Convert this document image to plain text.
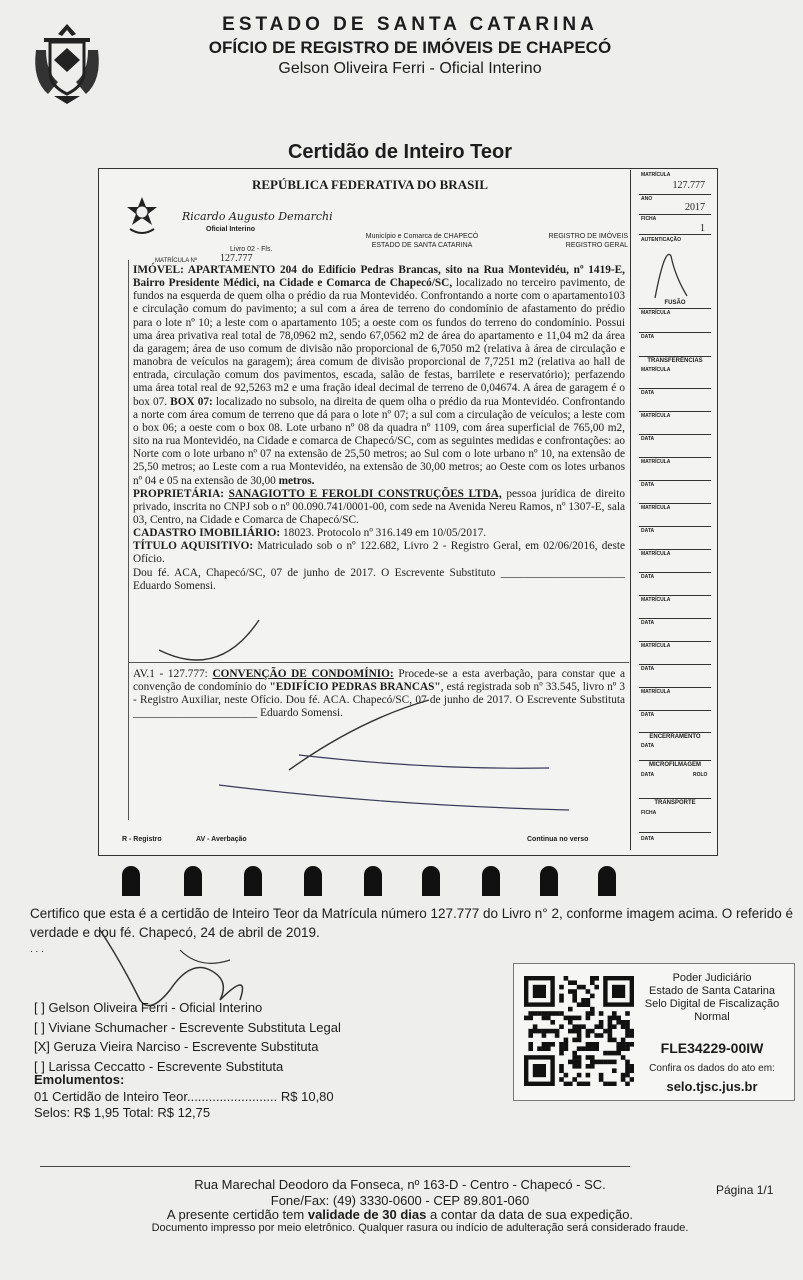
ESTADO DE SANTA CATARINA
OFÍCIO DE REGISTRO DE IMÓVEIS DE CHAPECÓ
Gelson Oliveira Ferri - Oficial Interino
Certidão de Inteiro Teor
REPÚBLICA FEDERATIVA DO BRASIL
Ricardo Augusto Demarchi
Oficial Interino
Município e Comarca de CHAPECÓ
ESTADO DE SANTA CATARINA
REGISTRO DE IMÓVEIS
REGISTRO GERAL
Livro 02 - Fls.
MATRÍCULA Nº 127.777

IMÓVEL: APARTAMENTO 204 do Edifício Pedras Brancas, sito na Rua Montevidéu, nº 1419-E, Bairro Presidente Médici, na Cidade e Comarca de Chapecó/SC, localizado no terceiro pavimento, de fundos na esquerda de quem olha o prédio da rua Montevidéo. Confrontando a norte com o apartamento103 e circulação comum do pavimento; a sul com a área de terreno do condomínio de afastamento do prédio para o lote nº 10; a leste com o apartamento 105; a oeste com os fundos do terreno do condomínio. Possui uma área privativa real total de 78,0962 m2, sendo 67,0562 m2 de área do apartamento e 11,04 m2 da área da garagem; área de uso comum de divisão não proporcional de 6,7050 m2 (relativa à área de circulação e manobra de veículos na garagem); área comum de divisão proporcional de 7,7251 m2 (relativa ao hall de entrada, circulação comum dos pavimentos, escada, salão de festas, barrilete e reservatório); perfazendo uma área total real de 92,5263 m2 e uma fração ideal decimal de terreno de 0,04674. A área de garagem é o box 07. BOX 07: localizado no subsolo, na direita de quem olha o prédio da rua Montevidéo. Confrontando a norte com área comum de terreno que dá para o lote nº 07; a sul com a circulação de veículos; a leste com o box 06; a oeste com o box 08. Lote urbano nº 08 da quadra nº 1109, com área superficial de 765,00 m2, sito na rua Montevidéo, na Cidade e comarca de Chapecó/SC, com as seguintes medidas e confrontações: ao Norte com o lote urbano nº 07 na extensão de 25,50 metros; ao Sul com o lote urbano nº 10, na extensão de 25,50 metros; ao Leste com a rua Montevidéo, na extensão de 30,00 metros; ao Oeste com os lotes urbanos nº 04 e 05 na extensão de 30,00 metros.

PROPRIETÁRIA: SANAGIOTTO E FEROLDI CONSTRUÇÕES LTDA, pessoa jurídica de direito privado, inscrita no CNPJ sob o nº 00.090.741/0001-00, com sede na Avenida Nereu Ramos, nº 1307-E, sala 03, Centro, na Cidade e Comarca de Chapecó/SC.

CADASTRO IMOBILIÁRIO: 18023. Protocolo nº 316.149 em 10/05/2017.

TÍTULO AQUISITIVO: Matriculado sob o nº 122.682, Livro 2 - Registro Geral, em 02/06/2016, deste Ofício.

Dou fé. ACA, Chapecó/SC, 07 de junho de 2017. O Escrevente Substituto ______________________ Eduardo Somensi.

AV.1 - 127.777: CONVENÇÃO DE CONDOMÍNIO: Procede-se a esta averbação, para constar que a convenção de condomínio do "EDIFÍCIO PEDRAS BRANCAS", está registrada sob nº 33.545, livro nº 3 - Registro Auxiliar, neste Ofício. Dou fé. ACA. Chapecó/SC, 07 de junho de 2017. O Escrevente Substituta ______________________ Eduardo Somensi.

R - Registro	AV - Averbação	Continua no verso
MATRÍCULA
127.777
ANO
2017
FICHA
1
AUTENTICAÇÃO
FUSÃO
MATRÍCULA
DATA
TRANSFERÊNCIAS
MATRÍCULA
DATA
MATRÍCULA
DATA
MATRÍCULA
DATA
MATRÍCULA
DATA
MATRÍCULA
DATA
MATRÍCULA
DATA
MATRÍCULA
DATA
MATRÍCULA
DATA
ENCERRAMENTO
DATA
MICROFILMAGEM
DATA	ROLO
TRANSPORTE
FICHA
DATA
Certifico que esta é a certidão de Inteiro Teor da Matrícula número 127.777 do Livro n° 2, conforme imagem acima. O referido é verdade e dou fé. Chapecó, 24 de abril de 2019.
. . .
[ ] Gelson Oliveira Ferri - Oficial Interino
[ ] Viviane Schumacher - Escrevente Substituta Legal
[X] Geruza Vieira Narciso - Escrevente Substituta
[ ] Larissa Ceccatto - Escrevente Substituta
Emolumentos:
01 Certidão de Inteiro Teor......................... R$ 10,80
Selos: R$ 1,95 Total: R$ 12,75
Poder Judiciário
Estado de Santa Catarina
Selo Digital de Fiscalização
Normal
FLE34229-00IW
Confira os dados do ato em:
selo.tjsc.jus.br
Rua Marechal Deodoro da Fonseca, nº 163-D - Centro - Chapecó - SC.
Fone/Fax: (49) 3330-0600 - CEP 89.801-060
A presente certidão tem validade de 30 dias a contar da data de sua expedição.
Documento impresso por meio eletrônico. Qualquer rasura ou indício de adulteração será considerado fraude.
Página 1/1
